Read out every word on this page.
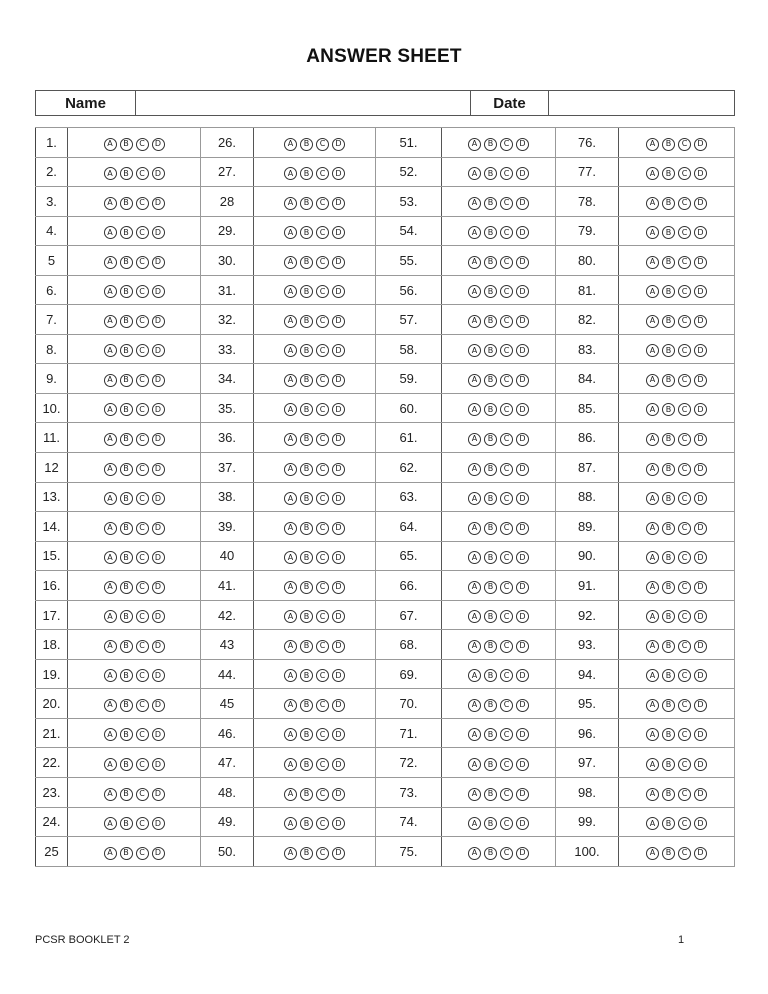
ANSWER SHEET
Name		Date	
1.	A B C D	26.	A B C D	51.	A B C D	76.	A B C D

2.	A B C D	27.	A B C D	52.	A B C D	77.	A B C D

3.	A B C D	28	A B C D	53.	A B C D	78.	A B C D

4.	A B C D	29.	A B C D	54.	A B C D	79.	A B C D

5	A B C D	30.	A B C D	55.	A B C D	80.	A B C D

6.	A B C D	31.	A B C D	56.	A B C D	81.	A B C D

7.	A B C D	32.	A B C D	57.	A B C D	82.	A B C D

8.	A B C D	33.	A B C D	58.	A B C D	83.	A B C D

9.	A B C D	34.	A B C D	59.	A B C D	84.	A B C D

10.	A B C D	35.	A B C D	60.	A B C D	85.	A B C D

11.	A B C D	36.	A B C D	61.	A B C D	86.	A B C D

12	A B C D	37.	A B C D	62.	A B C D	87.	A B C D

13.	A B C D	38.	A B C D	63.	A B C D	88.	A B C D

14.	A B C D	39.	A B C D	64.	A B C D	89.	A B C D

15.	A B C D	40	A B C D	65.	A B C D	90.	A B C D

16.	A B C D	41.	A B C D	66.	A B C D	91.	A B C D

17.	A B C D	42.	A B C D	67.	A B C D	92.	A B C D

18.	A B C D	43	A B C D	68.	A B C D	93.	A B C D

19.	A B C D	44.	A B C D	69.	A B C D	94.	A B C D

20.	A B C D	45	A B C D	70.	A B C D	95.	A B C D

21.	A B C D	46.	A B C D	71.	A B C D	96.	A B C D

22.	A B C D	47.	A B C D	72.	A B C D	97.	A B C D

23.	A B C D	48.	A B C D	73.	A B C D	98.	A B C D

24.	A B C D	49.	A B C D	74.	A B C D	99.	A B C D

25	A B C D	50.	A B C D	75.	A B C D	100.	A B C D
PCSR BOOKLET 2	1
